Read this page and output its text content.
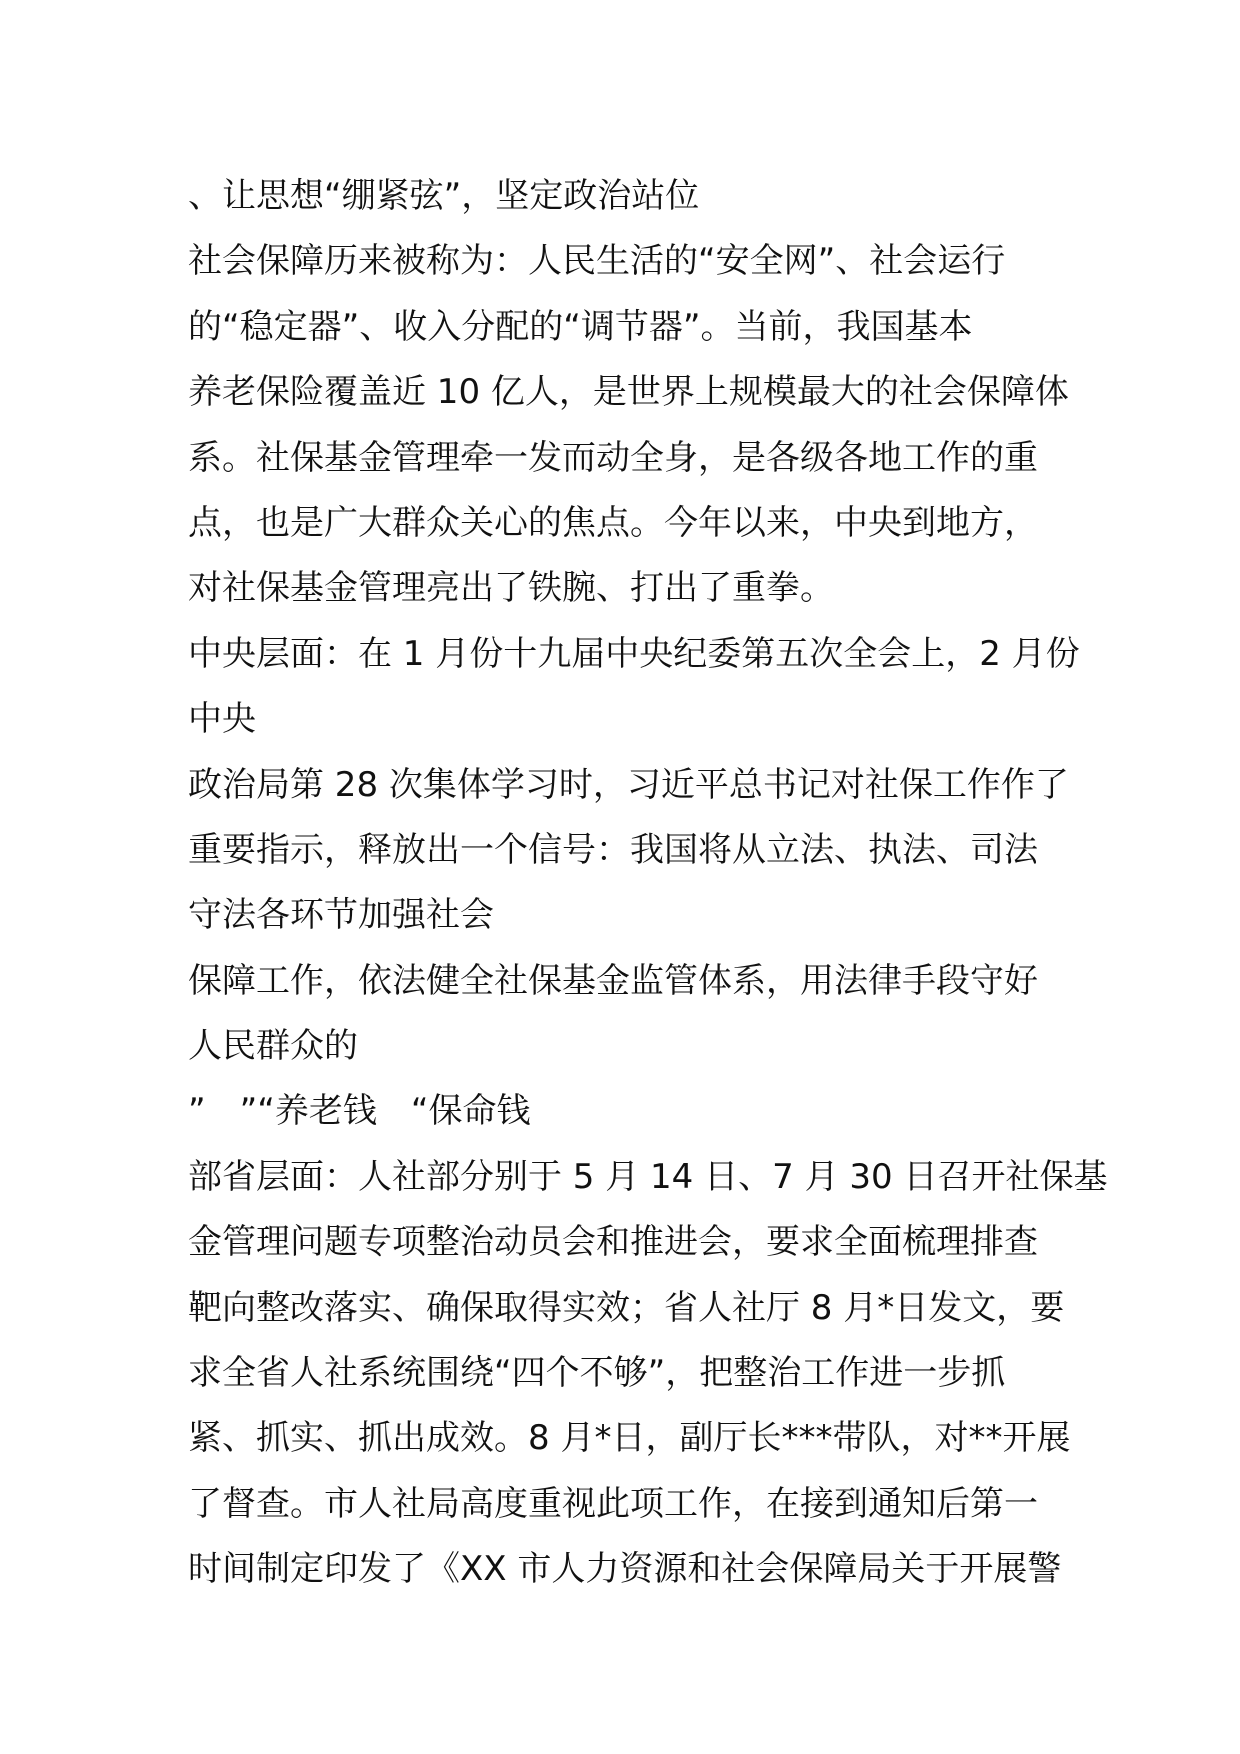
、让思想“绷紧弦”，坚定政治站位
社会保障历来被称为：人民生活的“安全网”、社会运行
的“稳定器”、收入分配的“调节器”。当前，我国基本
养老保险覆盖近 10 亿人，是世界上规模最大的社会保障体
系。社保基金管理牵一发而动全身，是各级各地工作的重
点，也是广大群众关心的焦点。今年以来，中央到地方，
对社保基金管理亮出了铁腕、打出了重拳。
中央层面：在 1 月份十九届中央纪委第五次全会上，2 月份
中央
政治局第 28 次集体学习时，习近平总书记对社保工作作了
重要指示，释放出一个信号：我国将从立法、执法、司法
守法各环节加强社会
保障工作，依法健全社保基金监管体系，用法律手段守好
人民群众的
”　”“养老钱　“保命钱
部省层面：人社部分别于 5 月 14 日、7 月 30 日召开社保基
金管理问题专项整治动员会和推进会，要求全面梳理排查
靶向整改落实、确保取得实效；省人社厅 8 月*日发文，要
求全省人社系统围绕“四个不够”，把整治工作进一步抓
紧、抓实、抓出成效。8 月*日，副厅长***带队，对**开展
了督查。市人社局高度重视此项工作，在接到通知后第一
时间制定印发了《XX 市人力资源和社会保障局关于开展警
